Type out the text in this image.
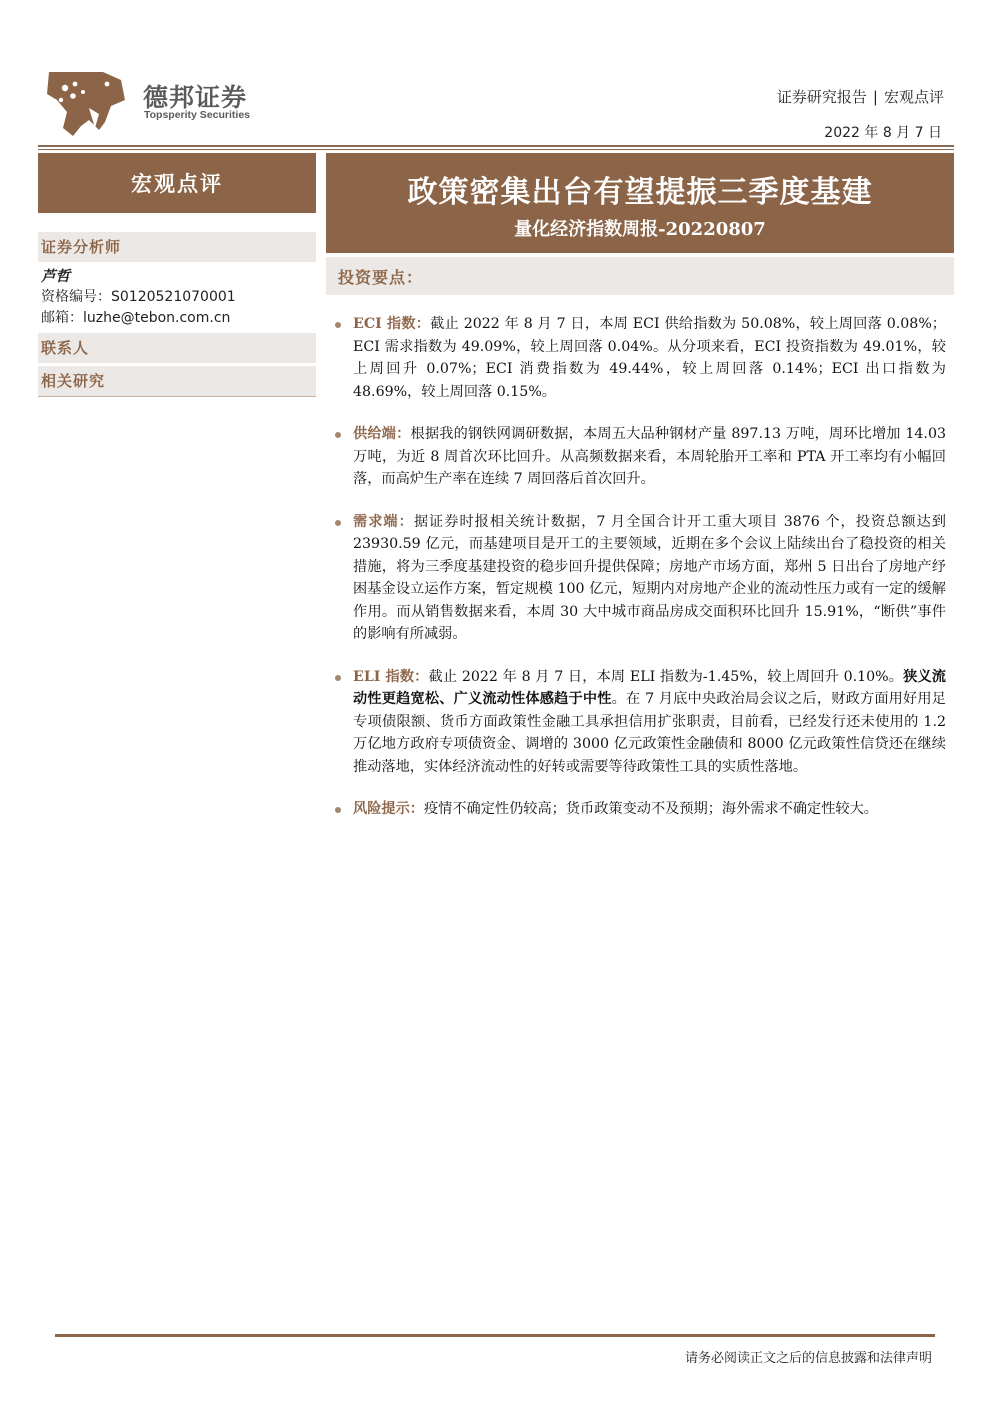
德邦证券
Topsperity Securities
证券研究报告 | 宏观点评
2022 年 8 月 7 日
宏观点评	政策密集出台有望提振三季度基建
量化经济指数周报-20220807
证券分析师
芦哲
资格编号：S0120521070001
邮箱：luzhe@tebon.com.cn
联系人
相关研究
投资要点：
ECI 指数：截止 2022 年 8 月 7 日，本周 ECI 供给指数为 50.08%，较上周回落 0.08%；ECI 需求指数为 49.09%，较上周回落 0.04%。从分项来看，ECI 投资指数为 49.01%，较上周回升 0.07%；ECI 消费指数为 49.44%，较上周回落 0.14%；ECI 出口指数为 48.69%，较上周回落 0.15%。
供给端：根据我的钢铁网调研数据，本周五大品种钢材产量 897.13 万吨，周环比增加 14.03 万吨，为近 8 周首次环比回升。从高频数据来看，本周轮胎开工率和 PTA 开工率均有小幅回落，而高炉生产率在连续 7 周回落后首次回升。
需求端：据证券时报相关统计数据，7 月全国合计开工重大项目 3876 个，投资总额达到 23930.59 亿元，而基建项目是开工的主要领域，近期在多个会议上陆续出台了稳投资的相关措施，将为三季度基建投资的稳步回升提供保障；房地产市场方面，郑州 5 日出台了房地产纾困基金设立运作方案，暂定规模 100 亿元，短期内对房地产企业的流动性压力或有一定的缓解作用。而从销售数据来看，本周 30 大中城市商品房成交面积环比回升 15.91%，“断供”事件的影响有所减弱。
ELI 指数：截止 2022 年 8 月 7 日，本周 ELI 指数为-1.45%，较上周回升 0.10%。狭义流动性更趋宽松、广义流动性体感趋于中性。在 7 月底中央政治局会议之后，财政方面用好用足专项债限额、货币方面政策性金融工具承担信用扩张职责，目前看，已经发行还未使用的 1.2 万亿地方政府专项债资金、调增的 3000 亿元政策性金融债和 8000 亿元政策性信贷还在继续推动落地，实体经济流动性的好转或需要等待政策性工具的实质性落地。
风险提示：疫情不确定性仍较高；货币政策变动不及预期；海外需求不确定性较大。
请务必阅读正文之后的信息披露和法律声明
